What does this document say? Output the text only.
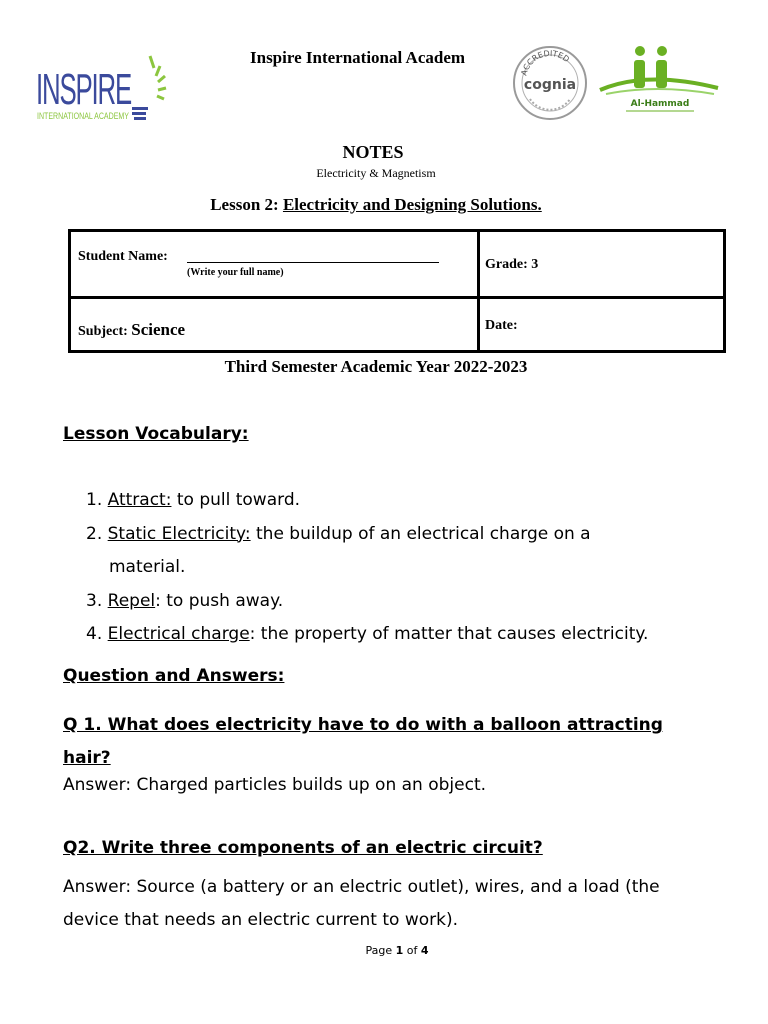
INSPIRE
INTERNATIONAL ACADEMY
Inspire International Academ
ACCREDITED
cognia
Al-Hammad
NOTES
Electricity & Magnetism
Lesson 2: Electricity and Designing Solutions.
Student Name:
(Write your full name)
Grade: 3
Subject: Science	Date:
Third Semester Academic Year 2022-2023
Lesson Vocabulary:
1. Attract: to pull toward.
2. Static Electricity: the buildup of an electrical charge on a
material.
3. Repel: to push away.
4. Electrical charge: the property of matter that causes electricity.
Question and Answers:
Q 1. What does electricity have to do with a balloon attracting
hair?
Answer: Charged particles builds up on an object.
Q2. Write three components of an electric circuit?
Answer: Source (a battery or an electric outlet), wires, and a load (the
device that needs an electric current to work).
Page 1 of 4
